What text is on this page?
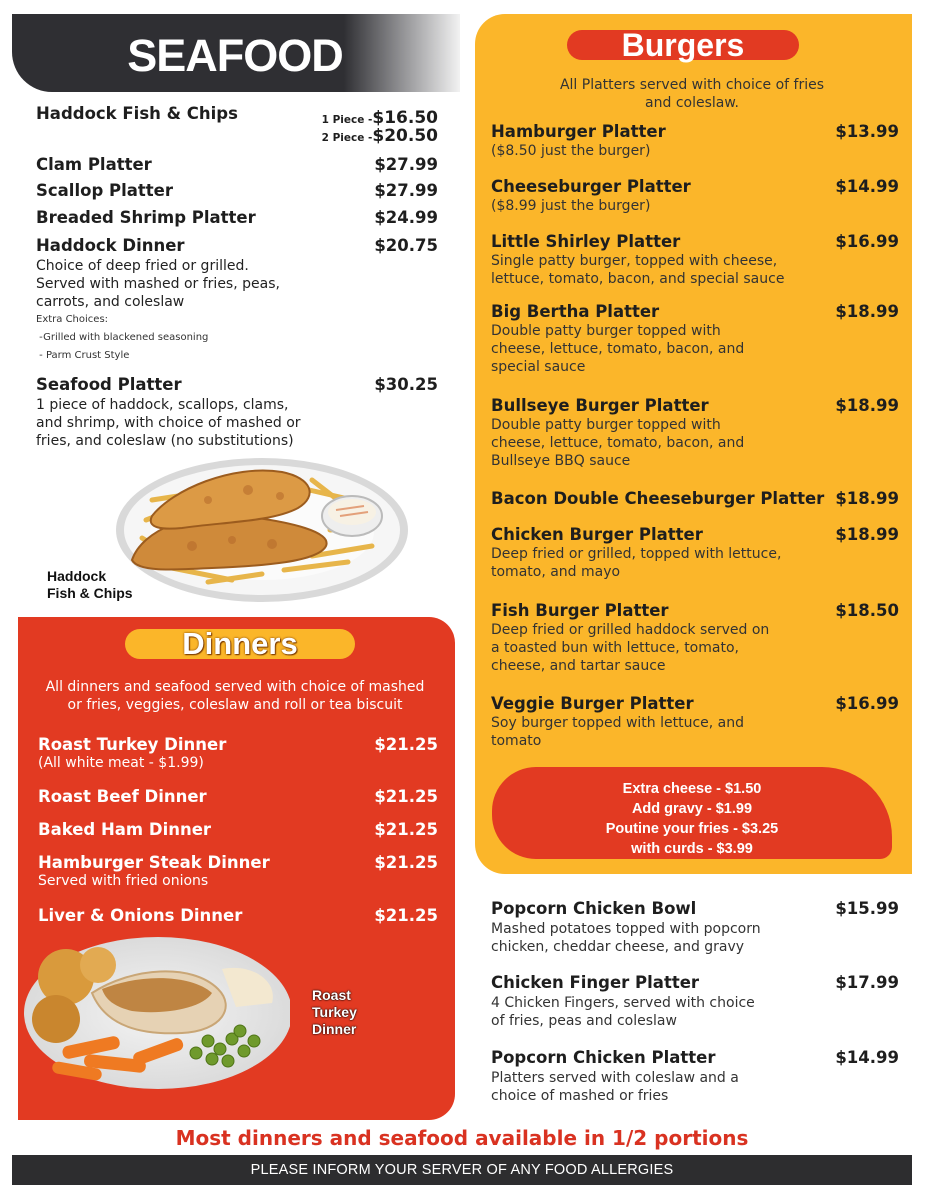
SEAFOOD
Haddock Fish & Chips	1 Piece -$16.50
2 Piece -$20.50
Clam Platter	$27.99
Scallop Platter	$27.99
Breaded Shrimp Platter	$24.99
Haddock Dinner	$20.75
Choice of deep fried or grilled.
Served with mashed or fries, peas,
carrots, and coleslaw
Extra Choices:
-Grilled with blackened seasoning
- Parm Crust Style
Seafood Platter	$30.25
1 piece of haddock, scallops, clams,
and shrimp, with choice of mashed or
fries, and coleslaw (no substitutions)
Haddock
Fish & Chips
Dinners
All dinners and seafood served with choice of mashed
or fries, veggies, coleslaw and roll or tea biscuit
Roast Turkey Dinner	$21.25
(All white meat - $1.99)
Roast Beef Dinner	$21.25
Baked Ham Dinner	$21.25
Hamburger Steak Dinner	$21.25
Served with fried onions
Liver & Onions Dinner	$21.25
Roast
Turkey
Dinner
Burgers
All Platters served with choice of fries
and coleslaw.
Hamburger Platter	$13.99
($8.50 just the burger)
Cheeseburger Platter	$14.99
($8.99 just the burger)
Little Shirley Platter	$16.99
Single patty burger, topped with cheese,
lettuce, tomato, bacon, and special sauce
Big Bertha Platter	$18.99
Double patty burger topped with
cheese, lettuce, tomato, bacon, and
special sauce
Bullseye Burger Platter	$18.99
Double patty burger topped with
cheese, lettuce, tomato, bacon, and
Bullseye BBQ sauce
Bacon Double Cheeseburger Platter $18.99
Chicken Burger Platter	$18.99
Deep fried or grilled, topped with lettuce,
tomato, and mayo
Fish Burger Platter	$18.50
Deep fried or grilled haddock served on
a toasted bun with lettuce, tomato,
cheese, and tartar sauce
Veggie Burger Platter	$16.99
Soy burger topped with lettuce, and
tomato
Extra cheese - $1.50
Add gravy - $1.99
Poutine your fries - $3.25
with curds - $3.99
Popcorn Chicken Bowl	$15.99
Mashed potatoes topped with popcorn
chicken, cheddar cheese, and gravy
Chicken Finger Platter	$17.99
4 Chicken Fingers, served with choice
of fries, peas and coleslaw
Popcorn Chicken Platter	$14.99
Platters served with coleslaw and a
choice of mashed or fries
Most dinners and seafood available in 1/2 portions
PLEASE INFORM YOUR SERVER OF ANY FOOD ALLERGIES
